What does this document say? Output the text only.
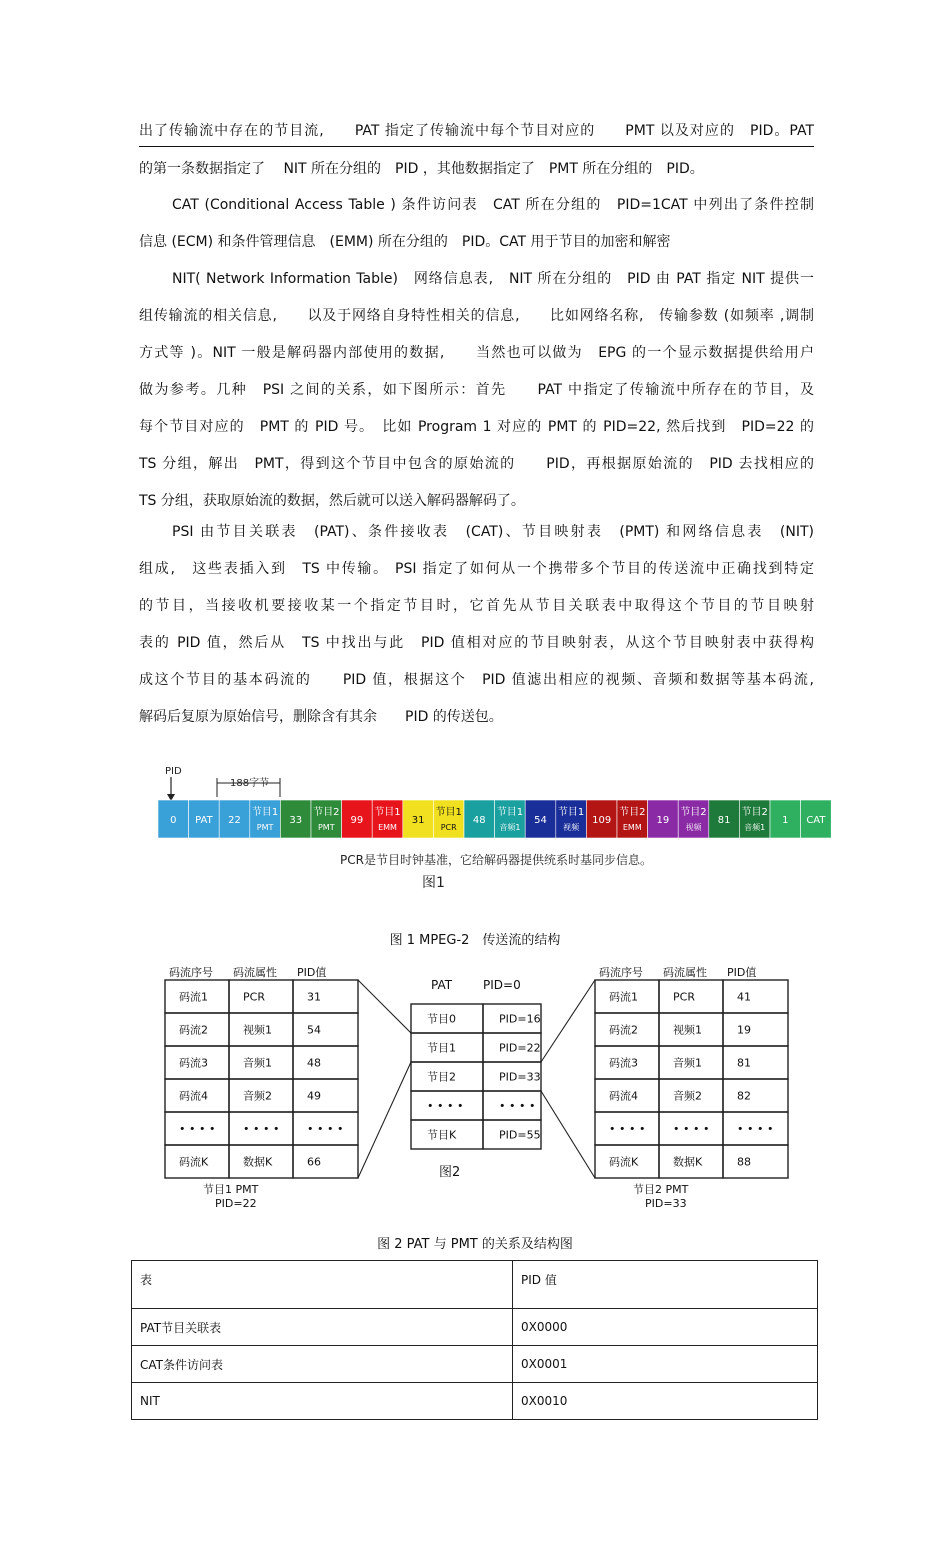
出了传输流中存在的节目流,　　PAT 指定了传输流中每个节目对应的　　PMT 以及对应的　PID。PAT
的第一条数据指定了　 NIT 所在分组的　PID ，其他数据指定了　PMT 所在分组的　PID。
CAT (Conditional Access Table ) 条件访问表　CAT 所在分组的　PID=1CAT 中列出了条件控制
信息 (ECM) 和条件管理信息　(EMM) 所在分组的　PID。CAT 用于节目的加密和解密
NIT( Network Information Table)　网络信息表,　NIT 所在分组的　PID 由 PAT 指定 NIT 提供一
组传输流的相关信息,　　以及于网络自身特性相关的信息,　　比如网络名称,　传输参数 (如频率 ,调制
方式等 )。NIT 一般是解码器内部使用的数据,　　当然也可以做为　EPG 的一个显示数据提供给用户
做为参考。几种　PSI 之间的关系，如下图所示：首先　　PAT 中指定了传输流中所存在的节目，及
每个节目对应的　PMT 的 PID 号。　比如 Program 1 对应的 PMT 的 PID=22, 然后找到　PID=22 的
TS 分组，解出　PMT，得到这个节目中包含的原始流的　　PID，再根据原始流的　PID 去找相应的
TS 分组，获取原始流的数据，然后就可以送入解码器解码了。
PSI 由节目关联表　(PAT)、条件接收表　(CAT)、节目映射表　(PMT) 和网络信息表　(NIT)
组成,　这些表插入到　TS 中传输。 PSI 指定了如何从一个携带多个节目的传送流中正确找到特定
的节目，当接收机要接收某一个指定节目时，它首先从节目关联表中取得这个节目的节目映射
表的 PID 值，然后从　TS 中找出与此　PID 值相对应的节目映射表，从这个节目映射表中获得构
成这个节目的基本码流的　　PID 值，根据这个　PID 值滤出相应的视频、音频和数据等基本码流,
解码后复原为原始信号，删除含有其余　　PID 的传送包。
PID
188字节
0 PAT 22
节目1
PMT
33
节目2
PMT
99
节目1
EMM
31
节目1
PCR
48
节目1
音频1
54
节目1
视频
109
节目2
EMM
19
节目2
视频
81
节目2
音频1
1 CAT
PCR是节目时钟基准，它给解码器提供统系时基同步信息。
图1
图 1 MPEG-2　传送流的结构
码流序号 码流属性 PID值
码流1	PCR	31
码流2	视频1	54
码流3	音频1	48
码流4	音频2	49
• • • •	• • • •	• • • •
码流K	数据K	66
节目1 PMT
PID=22
码流序号 码流属性 PID值
码流1	PCR	41
码流2	视频1	19
码流3	音频1	81
码流4	音频2	82
• • • •	• • • •	• • • •
码流K	数据K	88
节目2 PMT
PID=33
PAT	PID=0
节目0	PID=16
节目1	PID=22
节目2	PID=33
• • • •	• • • •
节目K	PID=55
图2
图 2 PAT 与 PMT 的关系及结构图
表	PID 值
PAT节目关联表	0X0000
CAT条件访问表	0X0001
NIT	0X0010
